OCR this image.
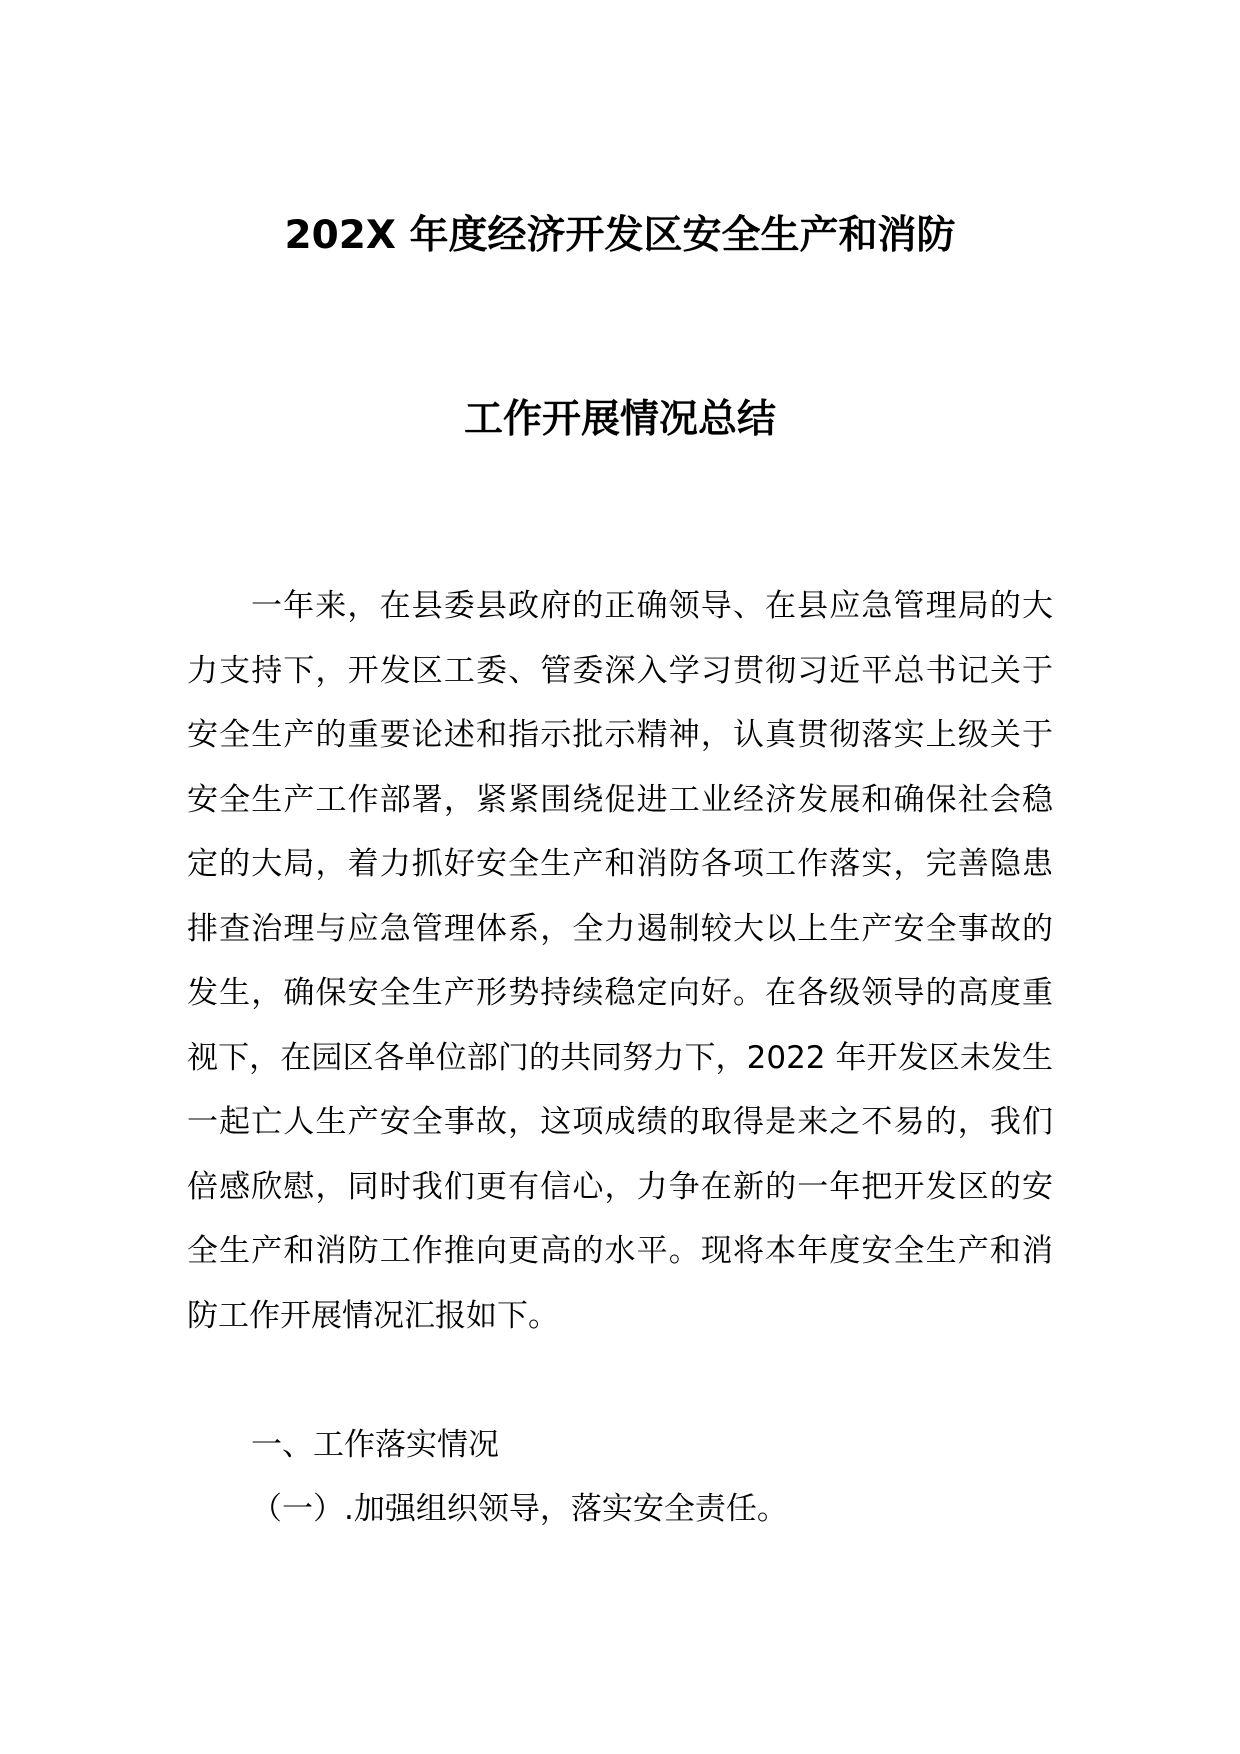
202X 年度经济开发区安全生产和消防
工作开展情况总结

一年来，在县委县政府的正确领导、在县应急管理局的大力支持下，开发区工委、管委深入学习贯彻习近平总书记关于安全生产的重要论述和指示批示精神，认真贯彻落实上级关于安全生产工作部署，紧紧围绕促进工业经济发展和确保社会稳定的大局，着力抓好安全生产和消防各项工作落实，完善隐患排查治理与应急管理体系，全力遏制较大以上生产安全事故的发生，确保安全生产形势持续稳定向好。在各级领导的高度重视下，在园区各单位部门的共同努力下，2022 年开发区未发生一起亡人生产安全事故，这项成绩的取得是来之不易的，我们倍感欣慰，同时我们更有信心，力争在新的一年把开发区的安全生产和消防工作推向更高的水平。现将本年度安全生产和消防工作开展情况汇报如下。

一、工作落实情况

（一）.加强组织领导，落实安全责任。
